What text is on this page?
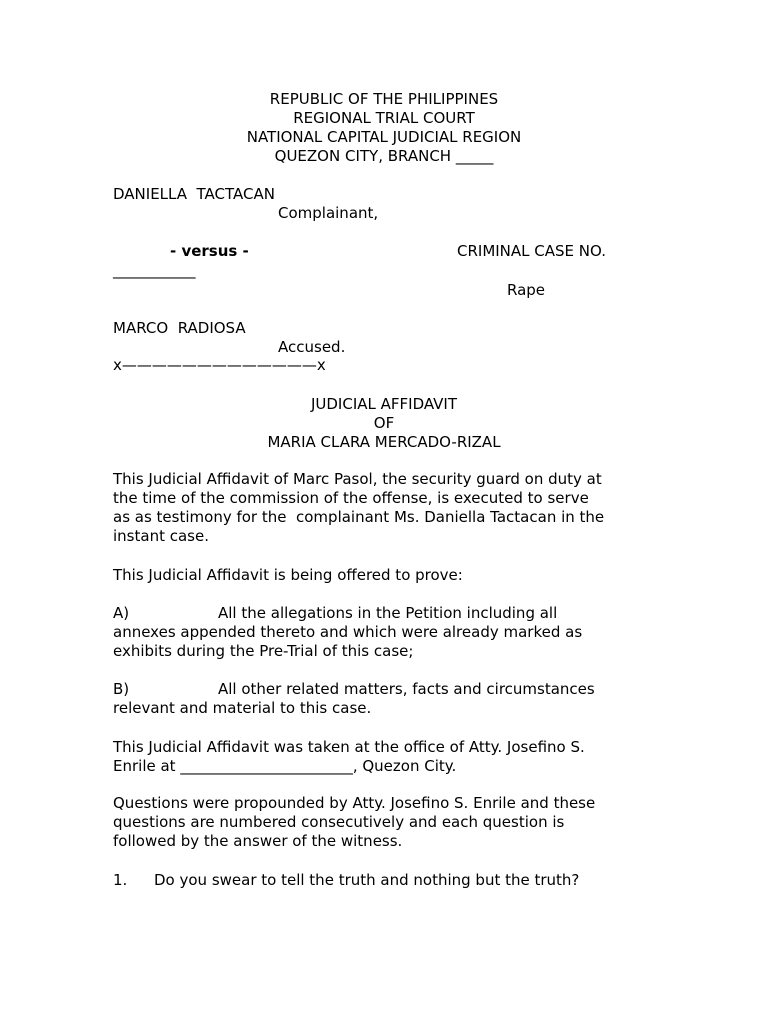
REPUBLIC OF THE PHILIPPINES
REGIONAL TRIAL COURT
NATIONAL CAPITAL JUDICIAL REGION
QUEZON CITY, BRANCH _____
DANIELLA  TACTACAN
Complainant,
- versus -	CRIMINAL CASE NO.
___________
Rape
MARCO  RADIOSA
Accused.
x—————————————x
JUDICIAL AFFIDAVIT
OF
MARIA CLARA MERCADO-RIZAL
This Judicial Affidavit of Marc Pasol, the security guard on duty at
the time of the commission of the offense, is executed to serve
as as testimony for the  complainant Ms. Daniella Tactacan in the
instant case.
This Judicial Affidavit is being offered to prove:
A)	All the allegations in the Petition including all
annexes appended thereto and which were already marked as
exhibits during the Pre-Trial of this case;
B)	All other related matters, facts and circumstances
relevant and material to this case.
This Judicial Affidavit was taken at the office of Atty. Josefino S.
Enrile at _______________________, Quezon City.
Questions were propounded by Atty. Josefino S. Enrile and these
questions are numbered consecutively and each question is
followed by the answer of the witness.
1. Do you swear to tell the truth and nothing but the truth?
